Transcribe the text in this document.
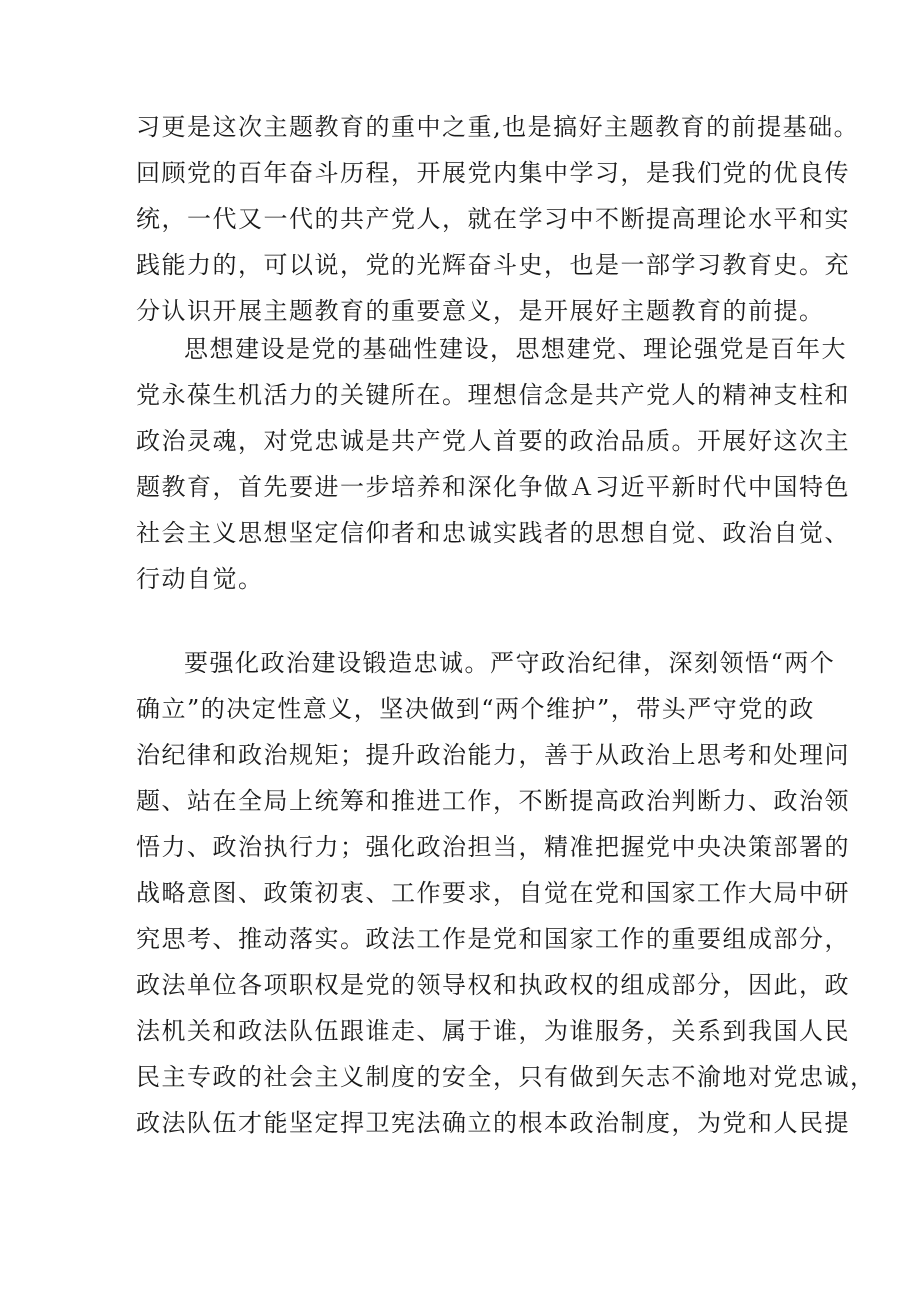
习更是这次主题教育的重中之重,也是搞好主题教育的前提基础。
回顾党的百年奋斗历程，开展党内集中学习，是我们党的优良传
统，一代又一代的共产党人，就在学习中不断提高理论水平和实
践能力的，可以说，党的光辉奋斗史，也是一部学习教育史。充
分认识开展主题教育的重要意义，是开展好主题教育的前提。
思想建设是党的基础性建设，思想建党、理论强党是百年大
党永葆生机活力的关键所在。理想信念是共产党人的精神支柱和
政治灵魂，对党忠诚是共产党人首要的政治品质。开展好这次主
题教育，首先要进一步培养和深化争做Ａ习近平新时代中国特色
社会主义思想坚定信仰者和忠诚实践者的思想自觉、政治自觉、
行动自觉。
要强化政治建设锻造忠诚。严守政治纪律，深刻领悟“两个
确立”的决定性意义，坚决做到“两个维护”，带头严守党的政
治纪律和政治规矩；提升政治能力，善于从政治上思考和处理问
题、站在全局上统筹和推进工作，不断提高政治判断力、政治领
悟力、政治执行力；强化政治担当，精准把握党中央决策部署的
战略意图、政策初衷、工作要求，自觉在党和国家工作大局中研
究思考、推动落实。政法工作是党和国家工作的重要组成部分，
政法单位各项职权是党的领导权和执政权的组成部分，因此，政
法机关和政法队伍跟谁走、属于谁，为谁服务，关系到我国人民
民主专政的社会主义制度的安全，只有做到矢志不渝地对党忠诚，
政法队伍才能坚定捍卫宪法确立的根本政治制度，为党和人民提
